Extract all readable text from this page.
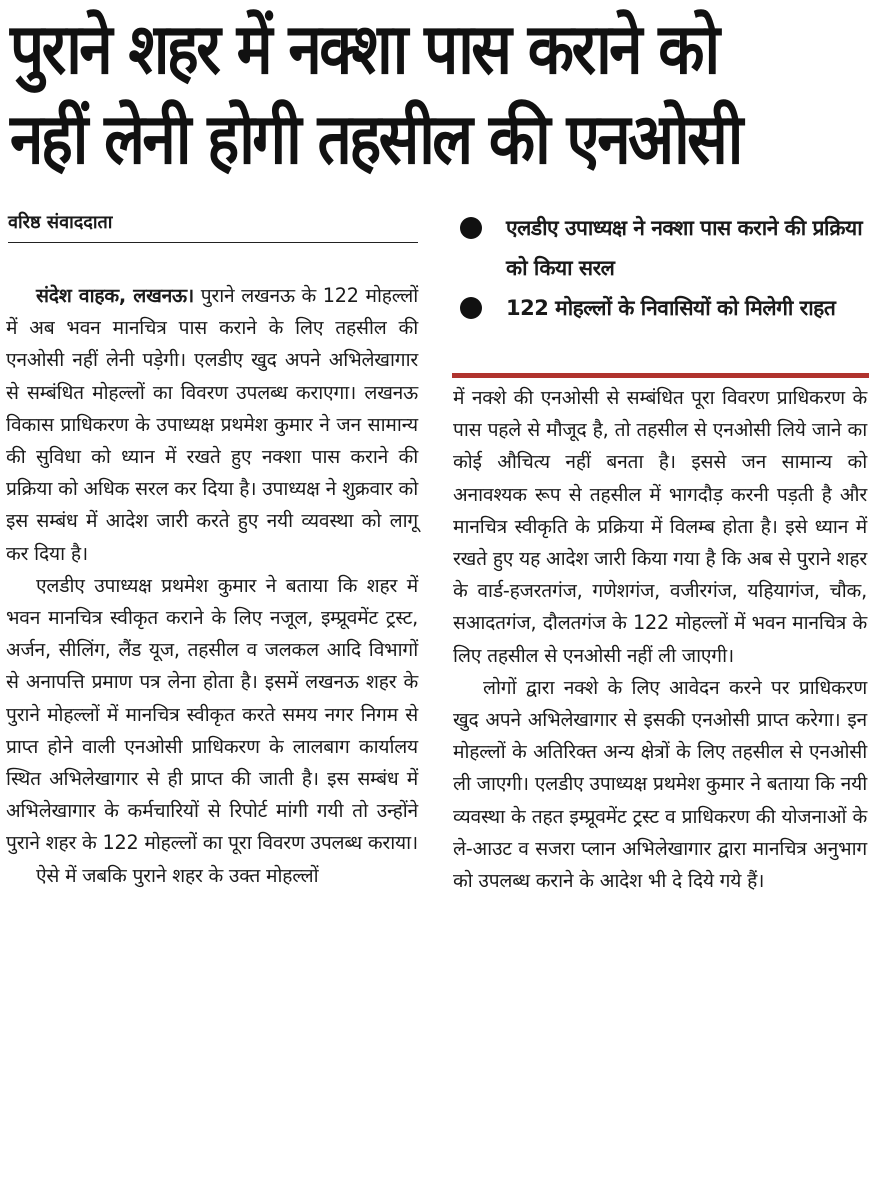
पुराने शहर में नक्शा पास कराने को
नहीं लेनी होगी तहसील की एनओसी
वरिष्ठ संवाददाता	एलडीए उपाध्यक्ष ने नक्शा पास कराने की प्रक्रिया को किया सरल
122 मोहल्लों के निवासियों को मिलेगी राहत

संदेश वाहक, लखनऊ। पुराने लखनऊ के 122 मोहल्लों में अब भवन मानचित्र पास कराने के लिए तहसील की एनओसी नहीं लेनी पड़ेगी। एलडीए खुद अपने अभिलेखागार से सम्बंधित मोहल्लों का विवरण उपलब्ध कराएगा। लखनऊ विकास प्राधिकरण के उपाध्यक्ष प्रथमेश कुमार ने जन सामान्य की सुविधा को ध्यान में रखते हुए नक्शा पास कराने की प्रक्रिया को अधिक सरल कर दिया है। उपाध्यक्ष ने शुक्रवार को इस सम्बंध में आदेश जारी करते हुए नयी व्यवस्था को लागू कर दिया है।

एलडीए उपाध्यक्ष प्रथमेश कुमार ने बताया कि शहर में भवन मानचित्र स्वीकृत कराने के लिए नजूल, इम्प्रूवमेंट ट्रस्ट, अर्जन, सीलिंग, लैंड यूज, तहसील व जलकल आदि विभागों से अनापत्ति प्रमाण पत्र लेना होता है। इसमें लखनऊ शहर के पुराने मोहल्लों में मानचित्र स्वीकृत करते समय नगर निगम से प्राप्त होने वाली एनओसी प्राधिकरण के लालबाग कार्यालय स्थित अभिलेखागार से ही प्राप्त की जाती है। इस सम्बंध में अभिलेखागार के कर्मचारियों से रिपोर्ट मांगी गयी तो उन्होंने पुराने शहर के 122 मोहल्लों का पूरा विवरण उपलब्ध कराया।

ऐसे में जबकि पुराने शहर के उक्त मोहल्लों

में नक्शे की एनओसी से सम्बंधित पूरा विवरण प्राधिकरण के पास पहले से मौजूद है, तो तहसील से एनओसी लिये जाने का कोई औचित्य नहीं बनता है। इससे जन सामान्य को अनावश्यक रूप से तहसील में भागदौड़ करनी पड़ती है और मानचित्र स्वीकृति के प्रक्रिया में विलम्ब होता है। इसे ध्यान में रखते हुए यह आदेश जारी किया गया है कि अब से पुराने शहर के वार्ड-हजरतगंज, गणेशगंज, वजीरगंज, यहियागंज, चौक, सआदतगंज, दौलतगंज के 122 मोहल्लों में भवन मानचित्र के लिए तहसील से एनओसी नहीं ली जाएगी।

लोगों द्वारा नक्शे के लिए आवेदन करने पर प्राधिकरण खुद अपने अभिलेखागार से इसकी एनओसी प्राप्त करेगा। इन मोहल्लों के अतिरिक्त अन्य क्षेत्रों के लिए तहसील से एनओसी ली जाएगी। एलडीए उपाध्यक्ष प्रथमेश कुमार ने बताया कि नयी व्यवस्था के तहत इम्प्रूवमेंट ट्रस्ट व प्राधिकरण की योजनाओं के ले-आउट व सजरा प्लान अभिलेखागार द्वारा मानचित्र अनुभाग को उपलब्ध कराने के आदेश भी दे दिये गये हैं।
